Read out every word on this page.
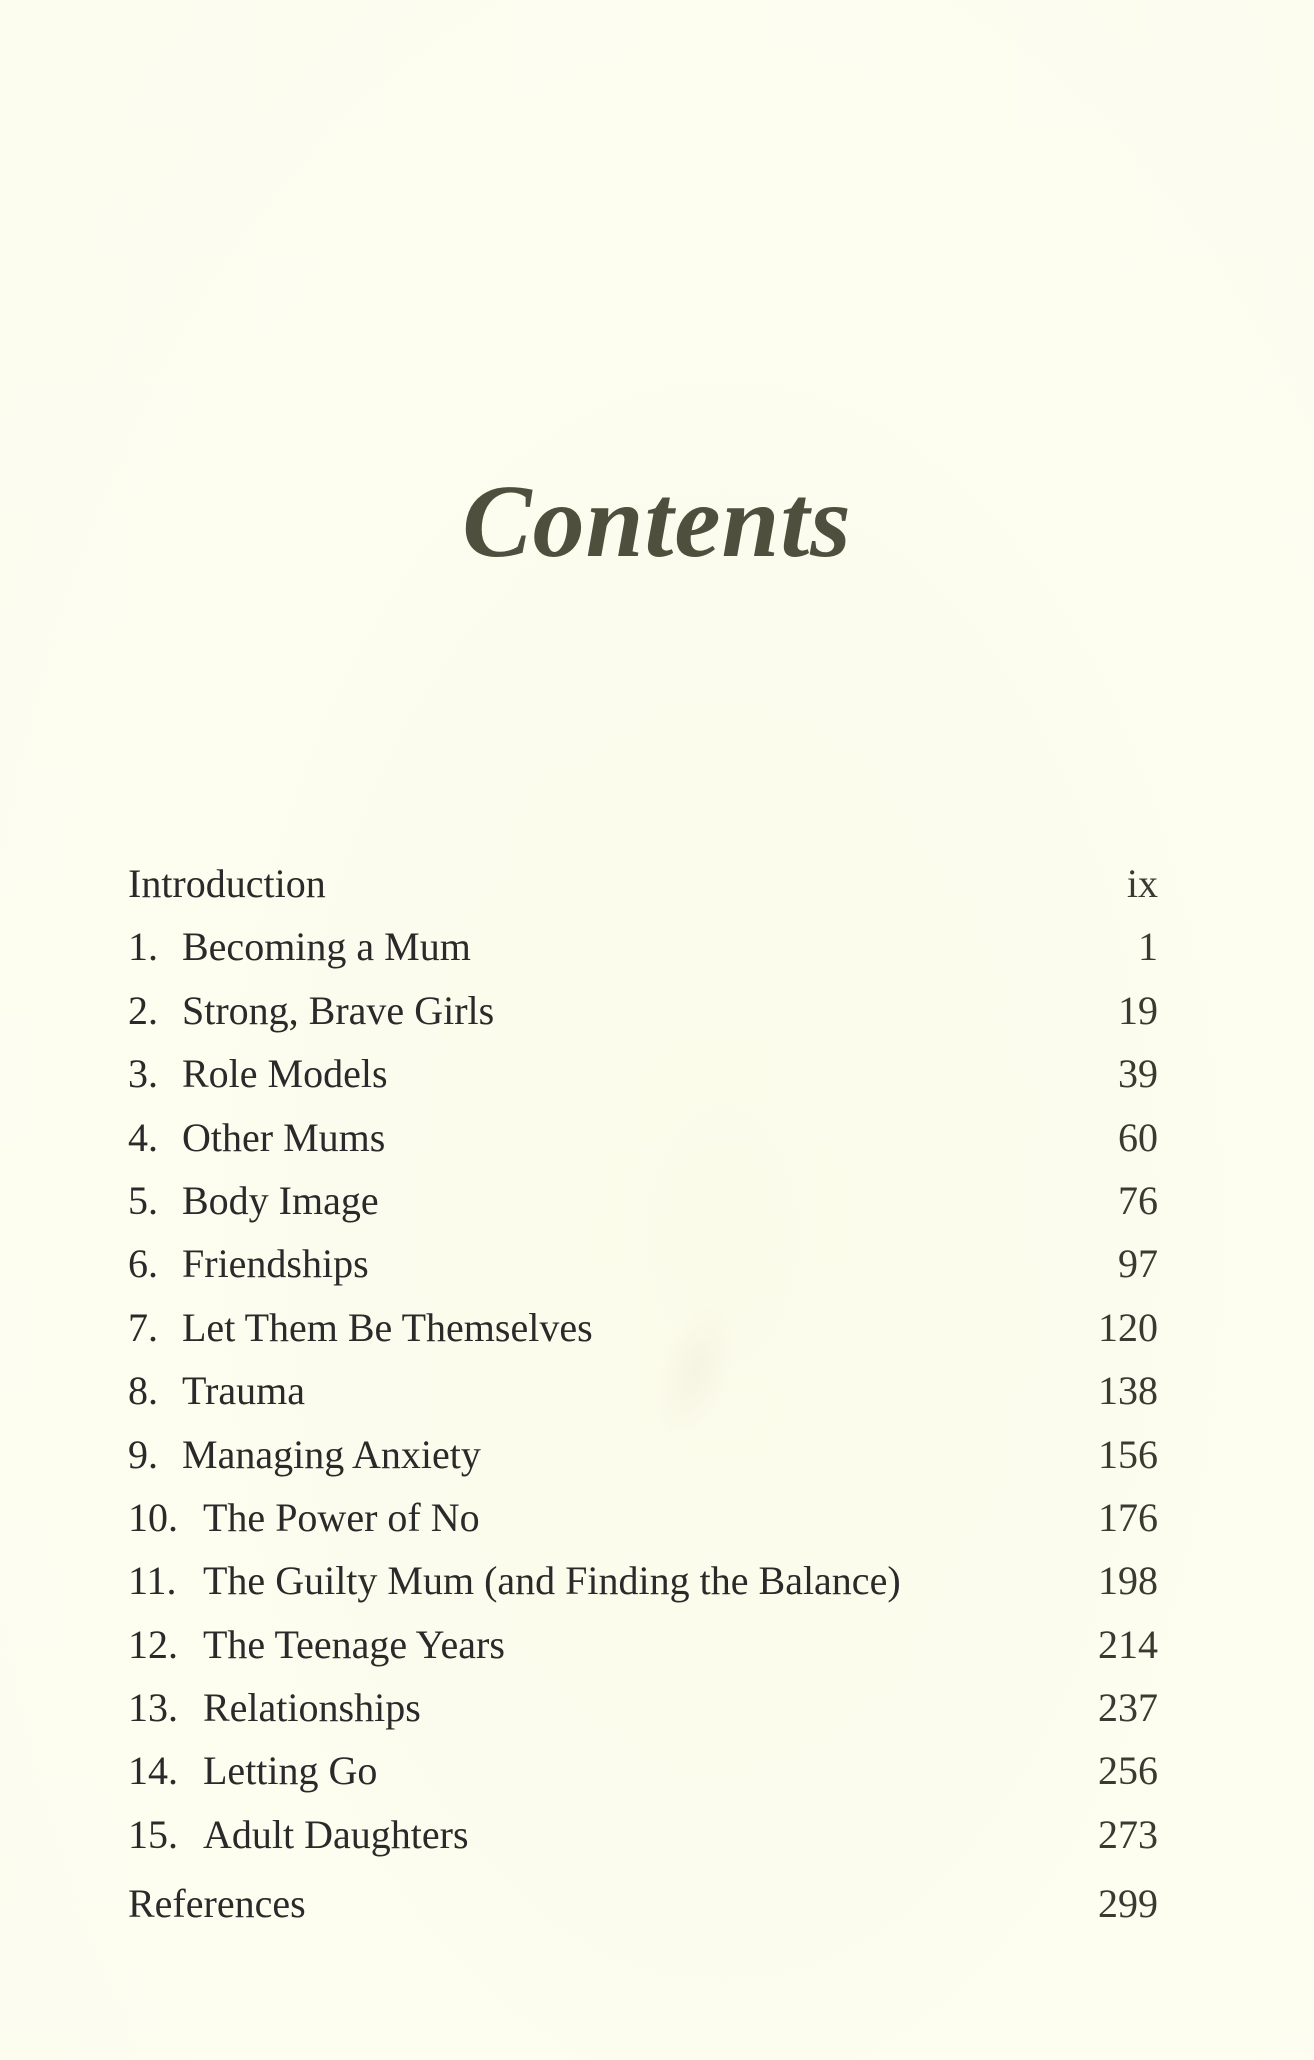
Contents
Introduction	ix
1. Becoming a Mum	1
2. Strong, Brave Girls	19
3. Role Models	39
4. Other Mums	60
5. Body Image	76
6. Friendships	97
7. Let Them Be Themselves	120
8. Trauma	138
9. Managing Anxiety	156
10. The Power of No	176
11. The Guilty Mum (and Finding the Balance)	198
12. The Teenage Years	214
13. Relationships	237
14. Letting Go	256
15. Adult Daughters	273
References	299
